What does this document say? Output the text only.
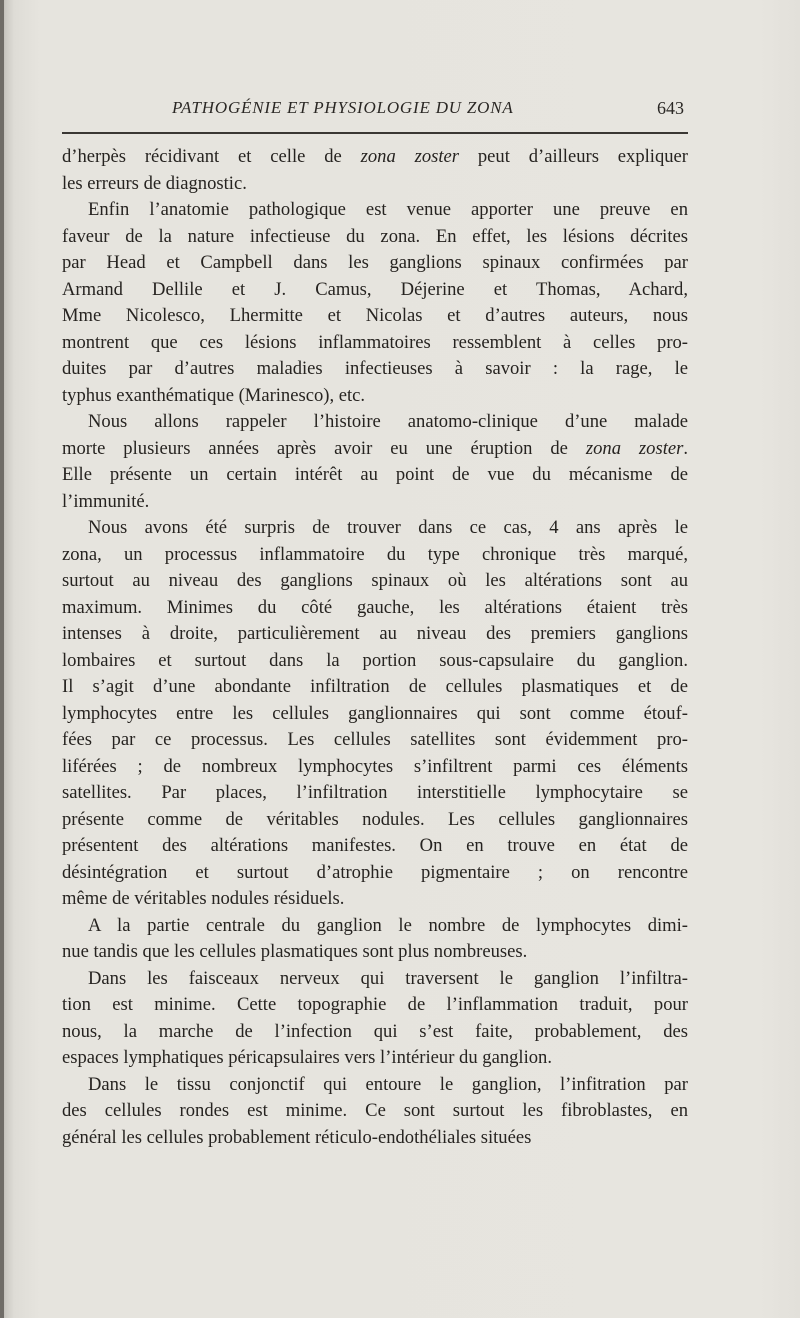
PATHOGÉNIE ET PHYSIOLOGIE DU ZONA	643
d’herpès récidivant et celle de zona zoster peut d’ailleurs expliquer
les erreurs de diagnostic.
Enfin l’anatomie pathologique est venue apporter une preuve en
faveur de la nature infectieuse du zona. En effet, les lésions décrites
par Head et Campbell dans les ganglions spinaux confirmées par
Armand Dellile et J. Camus, Déjerine et Thomas, Achard,
Mme Nicolesco, Lhermitte et Nicolas et d’autres auteurs, nous
montrent que ces lésions inflammatoires ressemblent à celles pro-
duites par d’autres maladies infectieuses à savoir : la rage, le
typhus exanthématique (Marinesco), etc.
Nous allons rappeler l’histoire anatomo-clinique d’une malade
morte plusieurs années après avoir eu une éruption de zona zoster.
Elle présente un certain intérêt au point de vue du mécanisme de
l’immunité.
Nous avons été surpris de trouver dans ce cas, 4 ans après le
zona, un processus inflammatoire du type chronique très marqué,
surtout au niveau des ganglions spinaux où les altérations sont au
maximum. Minimes du côté gauche, les altérations étaient très
intenses à droite, particulièrement au niveau des premiers ganglions
lombaires et surtout dans la portion sous-capsulaire du ganglion.
Il s’agit d’une abondante infiltration de cellules plasmatiques et de
lymphocytes entre les cellules ganglionnaires qui sont comme étouf-
fées par ce processus. Les cellules satellites sont évidemment pro-
liférées ; de nombreux lymphocytes s’infiltrent parmi ces éléments
satellites. Par places, l’infiltration interstitielle lymphocytaire se
présente comme de véritables nodules. Les cellules ganglionnaires
présentent des altérations manifestes. On en trouve en état de
désintégration et surtout d’atrophie pigmentaire ; on rencontre
même de véritables nodules résiduels.
A la partie centrale du ganglion le nombre de lymphocytes dimi-
nue tandis que les cellules plasmatiques sont plus nombreuses.
Dans les faisceaux nerveux qui traversent le ganglion l’infiltra-
tion est minime. Cette topographie de l’inflammation traduit, pour
nous, la marche de l’infection qui s’est faite, probablement, des
espaces lymphatiques péricapsulaires vers l’intérieur du ganglion.
Dans le tissu conjonctif qui entoure le ganglion, l’infitration par
des cellules rondes est minime. Ce sont surtout les fibroblastes, en
général les cellules probablement réticulo-endothéliales situées
